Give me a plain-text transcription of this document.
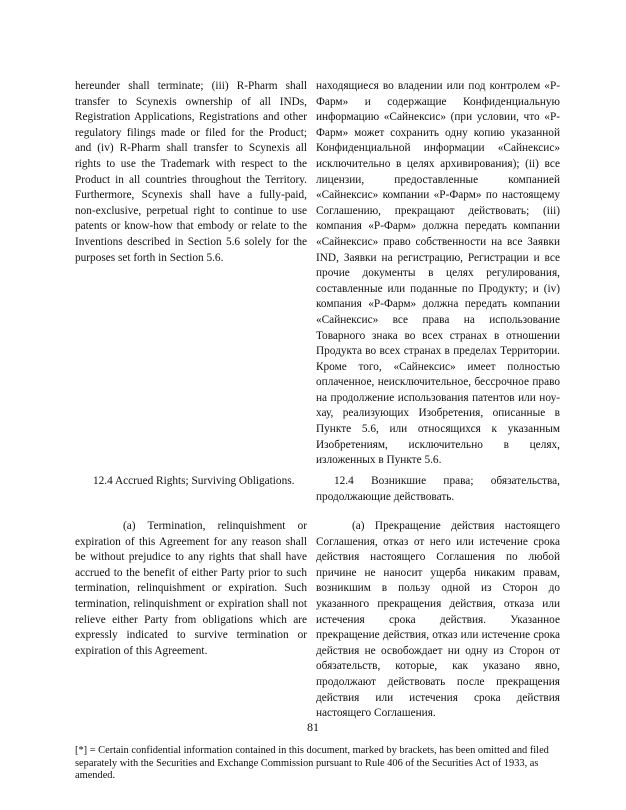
hereunder shall terminate; (iii) R-Pharm shall transfer to Scynexis ownership of all INDs, Registration Applications, Registrations and other regulatory filings made or filed for the Product; and (iv) R-Pharm shall transfer to Scynexis all rights to use the Trademark with respect to the Product in all countries throughout the Territory. Furthermore, Scynexis shall have a fully-paid, non-exclusive, perpetual right to continue to use patents or know-how that embody or relate to the Inventions described in Section 5.6 solely for the purposes set forth in Section 5.6.

находящиеся во владении или под контролем «Р-Фарм» и содержащие Конфиденциальную информацию «Сайнексис» (при условии, что «Р-Фарм» может сохранить одну копию указанной Конфиденциальной информации «Сайнексис» исключительно в целях архивирования); (ii) все лицензии, предоставленные компанией «Сайнексис» компании «Р-Фарм» по настоящему Соглашению, прекращают действовать; (iii) компания «Р-Фарм» должна передать компании «Сайнексис» право собственности на все Заявки IND, Заявки на регистрацию, Регистрации и все прочие документы в целях регулирования, составленные или поданные по Продукту; и (iv) компания «Р-Фарм» должна передать компании «Сайнексис» все права на использование Товарного знака во всех странах в отношении Продукта во всех странах в пределах Территории. Кроме того, «Сайнексис» имеет полностью оплаченное, неисключительное, бессрочное право на продолжение использования патентов или ноу-хау, реализующих Изобретения, описанные в Пункте 5.6, или относящихся к указанным Изобретениям, исключительно в целях, изложенных в Пункте 5.6.

12.4 Accrued Rights; Surviving Obligations.	12.4 Возникшие права; обязательства, продолжающие действовать.

(a) Termination, relinquishment or expiration of this Agreement for any reason shall be without prejudice to any rights that shall have accrued to the benefit of either Party prior to such termination, relinquishment or expiration. Such termination, relinquishment or expiration shall not relieve either Party from obligations which are expressly indicated to survive termination or expiration of this Agreement.

(a) Прекращение действия настоящего Соглашения, отказ от него или истечение срока действия настоящего Соглашения по любой причине не наносит ущерба никаким правам, возникшим в пользу одной из Сторон до указанного прекращения действия, отказа или истечения срока действия. Указанное прекращение действия, отказ или истечение срока действия не освобождает ни одну из Сторон от обязательств, которые, как указано явно, продолжают действовать после прекращения действия или истечения срока действия настоящего Соглашения.

81
[*] = Certain confidential information contained in this document, marked by brackets, has been omitted and filed separately with the Securities and Exchange Commission pursuant to Rule 406 of the Securities Act of 1933, as amended.
